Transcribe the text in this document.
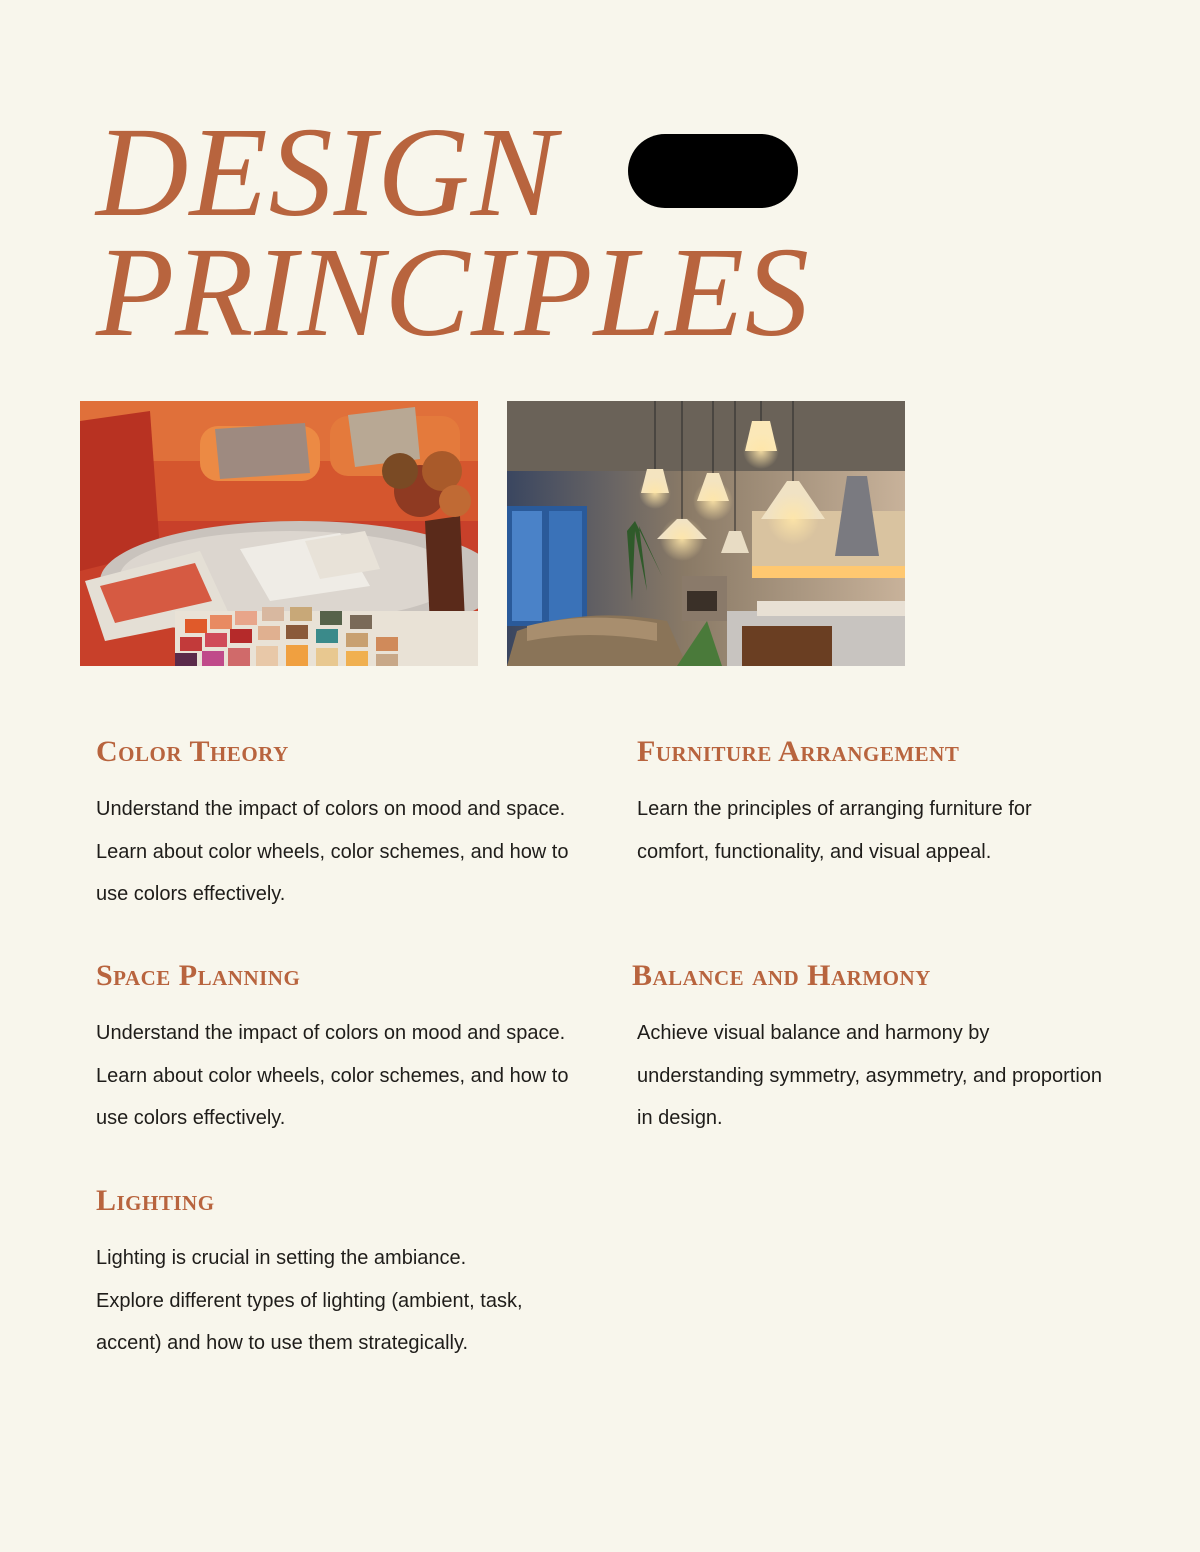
DESIGN
PRINCIPLES
Color Theory

Understand the impact of colors on mood and space. Learn about color wheels, color schemes, and how to use colors effectively.

Furniture Arrangement

Learn the principles of arranging furniture for comfort, functionality, and visual appeal.

Space Planning

Understand the impact of colors on mood and space. Learn about color wheels, color schemes, and how to use colors effectively.

Balance and Harmony

Achieve visual balance and harmony by understanding symmetry, asymmetry, and proportion in design.

Lighting

Lighting is crucial in setting the ambiance. Explore different types of lighting (ambient, task, accent) and how to use them strategically.
